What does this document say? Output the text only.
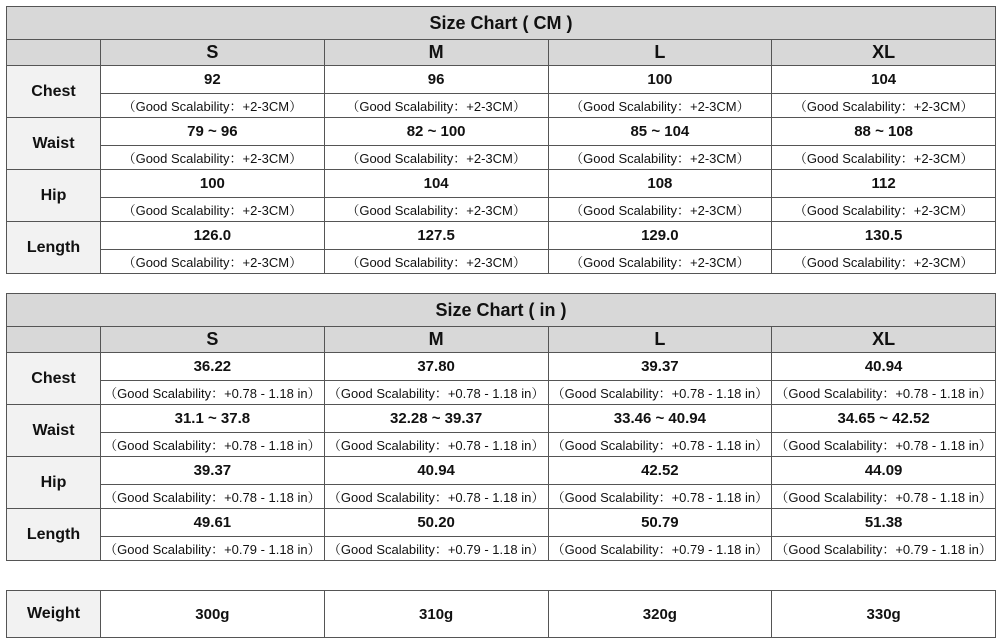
Size Chart ( CM )				
	S	M	L	XL
Chest	92	96	100	104
	（Good Scalability：+2-3CM）	（Good Scalability：+2-3CM）	（Good Scalability：+2-3CM）	（Good Scalability：+2-3CM）
Waist	79 ~ 96	82 ~ 100	85 ~ 104	88 ~ 108
	（Good Scalability：+2-3CM）	（Good Scalability：+2-3CM）	（Good Scalability：+2-3CM）	（Good Scalability：+2-3CM）
Hip	100	104	108	112
	（Good Scalability：+2-3CM）	（Good Scalability：+2-3CM）	（Good Scalability：+2-3CM）	（Good Scalability：+2-3CM）
Length	126.0	127.5	129.0	130.5
	（Good Scalability：+2-3CM）	（Good Scalability：+2-3CM）	（Good Scalability：+2-3CM）	（Good Scalability：+2-3CM）
Size Chart ( in )				
	S	M	L	XL
Chest	36.22	37.80	39.37	40.94
	（Good Scalability：+0.78 - 1.18 in）	（Good Scalability：+0.78 - 1.18 in）	（Good Scalability：+0.78 - 1.18 in）	（Good Scalability：+0.78 - 1.18 in）
Waist	31.1 ~ 37.8	32.28 ~ 39.37	33.46 ~ 40.94	34.65 ~ 42.52
	（Good Scalability：+0.78 - 1.18 in）	（Good Scalability：+0.78 - 1.18 in）	（Good Scalability：+0.78 - 1.18 in）	（Good Scalability：+0.78 - 1.18 in）
Hip	39.37	40.94	42.52	44.09
	（Good Scalability：+0.78 - 1.18 in）	（Good Scalability：+0.78 - 1.18 in）	（Good Scalability：+0.78 - 1.18 in）	（Good Scalability：+0.78 - 1.18 in）
Length	49.61	50.20	50.79	51.38
	（Good Scalability：+0.79 - 1.18 in）	（Good Scalability：+0.79 - 1.18 in）	（Good Scalability：+0.79 - 1.18 in）	（Good Scalability：+0.79 - 1.18 in）
Weight	300g	310g	320g	330g
